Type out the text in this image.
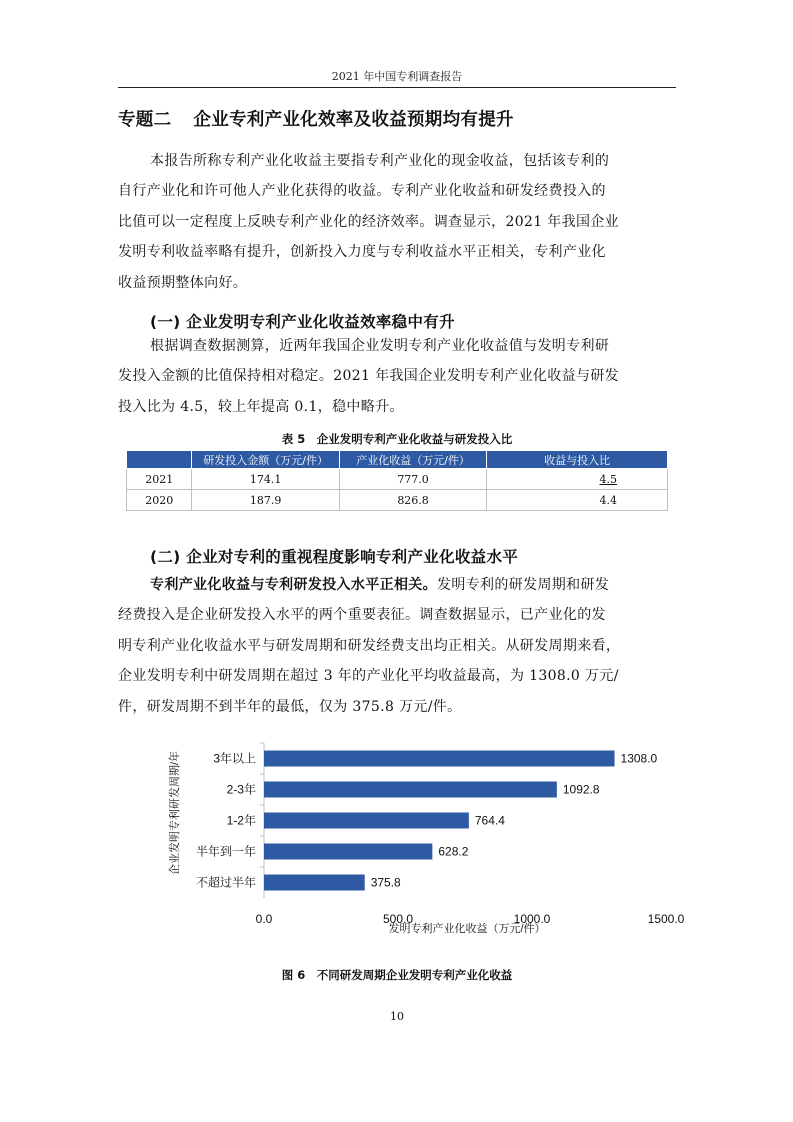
2021 年中国专利调查报告
专题二 企业专利产业化效率及收益预期均有提升
本报告所称专利产业化收益主要指专利产业化的现金收益，包括该专利的
自行产业化和许可他人产业化获得的收益。专利产业化收益和研发经费投入的
比值可以一定程度上反映专利产业化的经济效率。调查显示，2021 年我国企业
发明专利收益率略有提升，创新投入力度与专利收益水平正相关，专利产业化
收益预期整体向好。
(一) 企业发明专利产业化收益效率稳中有升
根据调查数据测算，近两年我国企业发明专利产业化收益值与发明专利研
发投入金额的比值保持相对稳定。2021 年我国企业发明专利产业化收益与研发
投入比为 4.5，较上年提高 0.1，稳中略升。
表 5　企业发明专利产业化收益与研发投入比
	研发投入金额（万元/件）	产业化收益（万元/件）	收益与投入比
2021	174.1	777.0	4.5
2020	187.9	826.8	4.4
(二) 企业对专利的重视程度影响专利产业化收益水平
专利产业化收益与专利研发投入水平正相关。发明专利的研发周期和研发
经费投入是企业研发投入水平的两个重要表征。调查数据显示，已产业化的发
明专利产业化收益水平与研发周期和研发经费支出均正相关。从研发周期来看，
企业发明专利中研发周期在超过 3 年的产业化平均收益最高，为 1308.0 万元/
件，研发周期不到半年的最低，仅为 375.8 万元/件。
3年以上	1308.0
2-3年	1092.8
1-2年	764.4
半年到一年	628.2
不超过半年	375.8
0.0	500.0	1000.0	1500.0
发明专利产业化收益（万元/件）
企业发明专利研发周期/年
图 6　不同研发周期企业发明专利产业化收益
10
